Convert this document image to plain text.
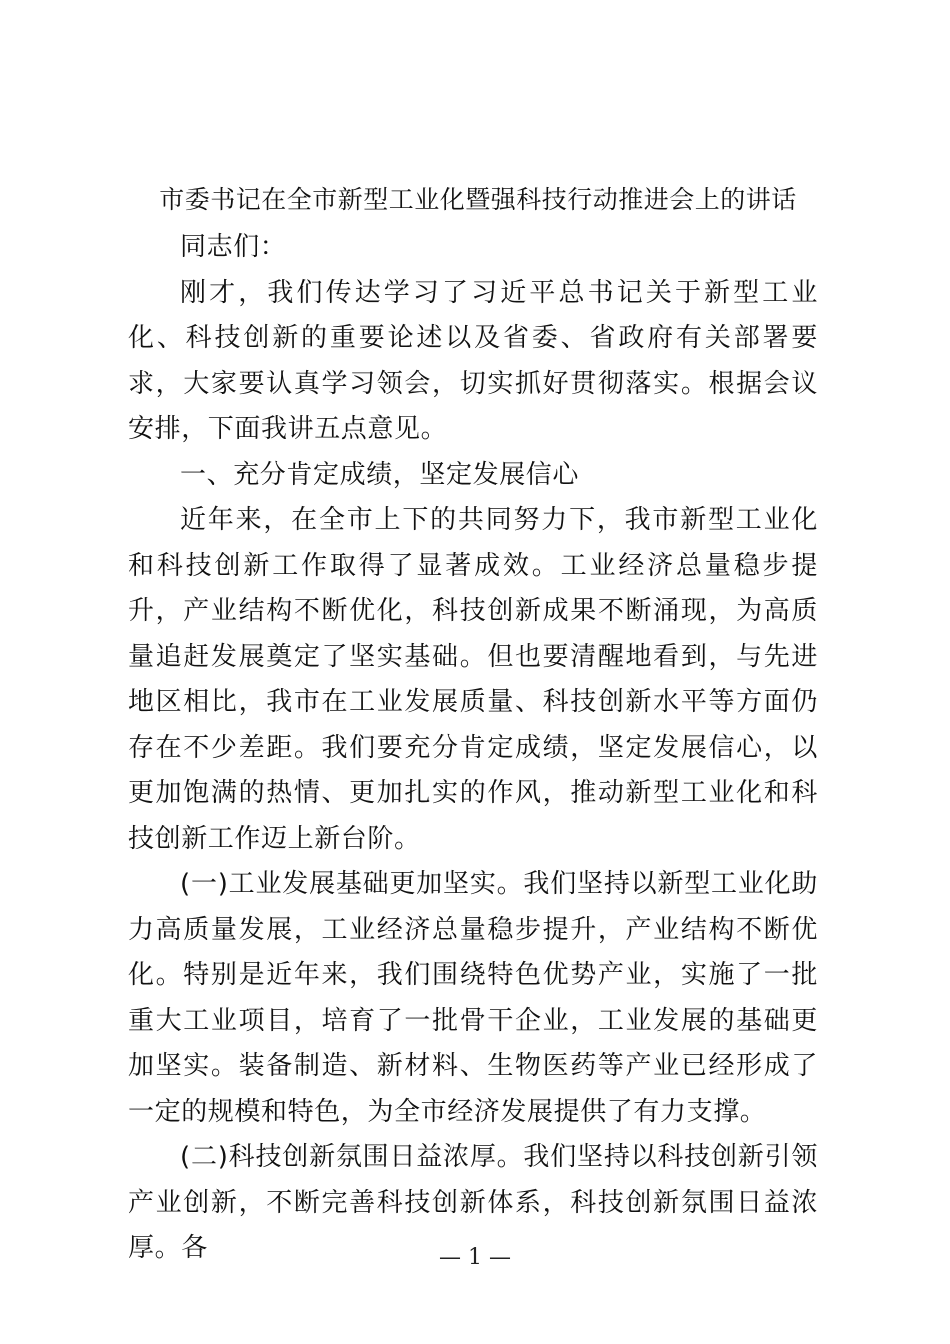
市委书记在全市新型工业化暨强科技行动推进会上的讲话

同志们：

刚才，我们传达学习了习近平总书记关于新型工业化、科技创新的重要论述以及省委、省政府有关部署要求，大家要认真学习领会，切实抓好贯彻落实。根据会议安排，下面我讲五点意见。

一、充分肯定成绩，坚定发展信心

近年来，在全市上下的共同努力下，我市新型工业化和科技创新工作取得了显著成效。工业经济总量稳步提升，产业结构不断优化，科技创新成果不断涌现，为高质量追赶发展奠定了坚实基础。但也要清醒地看到，与先进地区相比，我市在工业发展质量、科技创新水平等方面仍存在不少差距。我们要充分肯定成绩，坚定发展信心，以更加饱满的热情、更加扎实的作风，推动新型工业化和科技创新工作迈上新台阶。

(一)工业发展基础更加坚实。我们坚持以新型工业化助力高质量发展，工业经济总量稳步提升，产业结构不断优化。特别是近年来，我们围绕特色优势产业，实施了一批重大工业项目，培育了一批骨干企业，工业发展的基础更加坚实。装备制造、新材料、生物医药等产业已经形成了一定的规模和特色，为全市经济发展提供了有力支撑。

(二)科技创新氛围日益浓厚。我们坚持以科技创新引领产业创新，不断完善科技创新体系，科技创新氛围日益浓厚。各	— 1 —
